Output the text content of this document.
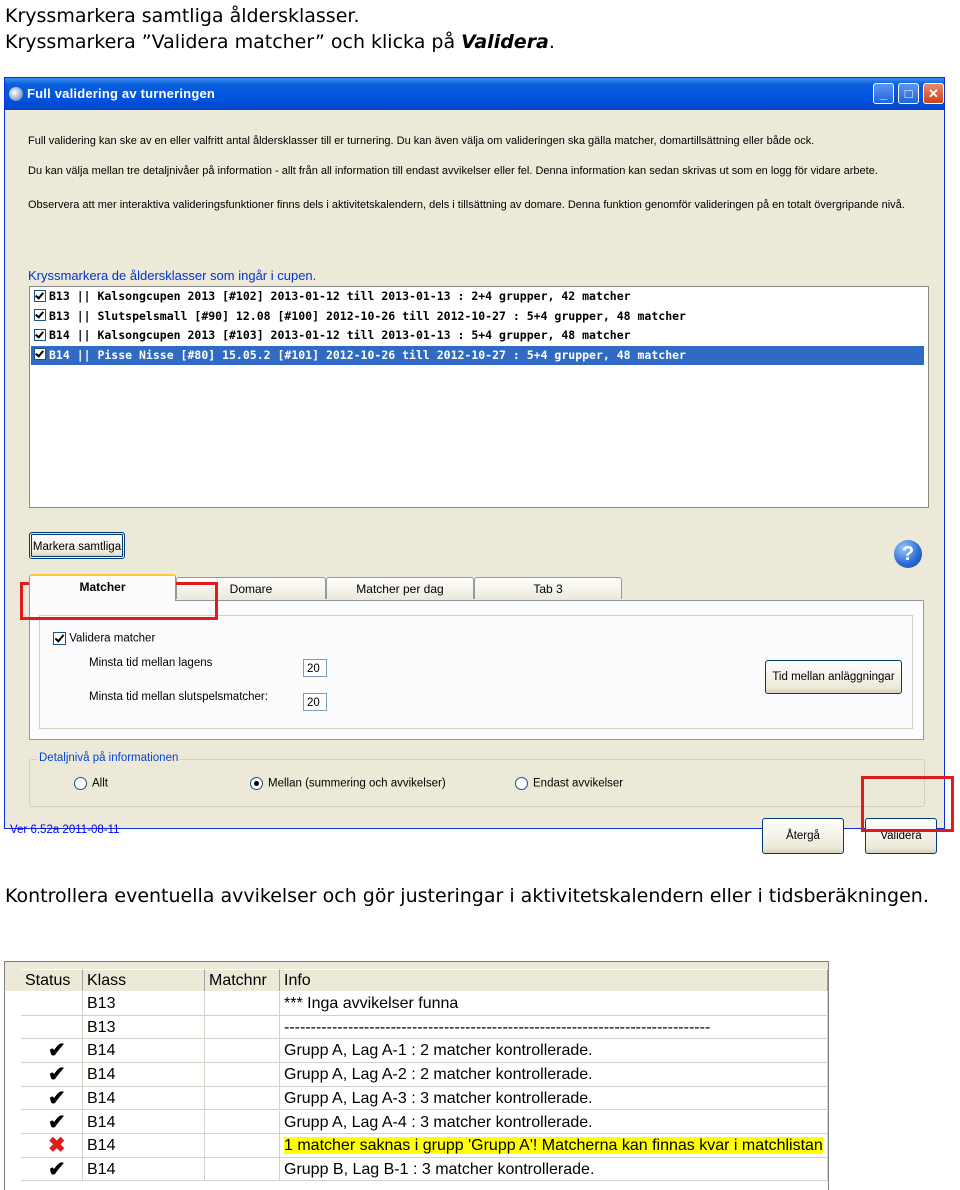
Kryssmarkera samtliga åldersklasser.
Kryssmarkera ”Validera matcher” och klicka på Validera.
Full validering av turneringen	_	□	✕
Full validering kan ske av en eller valfritt antal åldersklasser till er turnering. Du kan även välja om valideringen ska gälla matcher, domartillsättning eller både ock.
Du kan välja mellan tre detaljnivåer på information - allt från all information till endast avvikelser eller fel. Denna information kan sedan skrivas ut som en logg för vidare arbete.
Observera att mer interaktiva valideringsfunktioner finns dels i aktivitetskalendern, dels i tillsättning av domare. Denna funktion genomför valideringen på en totalt övergripande nivå.
Kryssmarkera de åldersklasser som ingår i cupen.
B13 || Kalsongcupen 2013 [#102] 2013-01-12 till 2013-01-13 : 2+4 grupper, 42 matcher
B13 || Slutspelsmall [#90] 12.08 [#100] 2012-10-26 till 2012-10-27 : 5+4 grupper, 48 matcher
B14 || Kalsongcupen 2013 [#103] 2013-01-12 till 2013-01-13 : 5+4 grupper, 48 matcher
B14 || Pisse Nisse [#80] 15.05.2 [#101] 2012-10-26 till 2012-10-27 : 5+4 grupper, 48 matcher
Markera samtliga	?
Matcher	Domare	Matcher per dag	Tab 3
Validera matcher
Minsta tid mellan lagens	20
Minsta tid mellan slutspelsmatcher:	20
Tid mellan anläggningar
Detaljnivå på informationen
Allt	Mellan (summering och avvikelser)	Endast avvikelser
Ver 6.52a 2011-08-11	Återgå	Validera
Kontrollera eventuella avvikelser och gör justeringar i aktivitetskalendern eller i tidsberäkningen.
Status	Klass	Matchnr	Info
B13	*** Inga avvikelser funna
B13	--------------------------------------------------------------------------------
✔ B14	Grupp A, Lag A-1 : 2 matcher kontrollerade.
✔ B14	Grupp A, Lag A-2 : 2 matcher kontrollerade.
✔ B14	Grupp A, Lag A-3 : 3 matcher kontrollerade.
✔ B14	Grupp A, Lag A-4 : 3 matcher kontrollerade.
✖ B14	1 matcher saknas i grupp 'Grupp A'! Matcherna kan finnas kvar i matchlistan
✔ B14	Grupp B, Lag B-1 : 3 matcher kontrollerade.
